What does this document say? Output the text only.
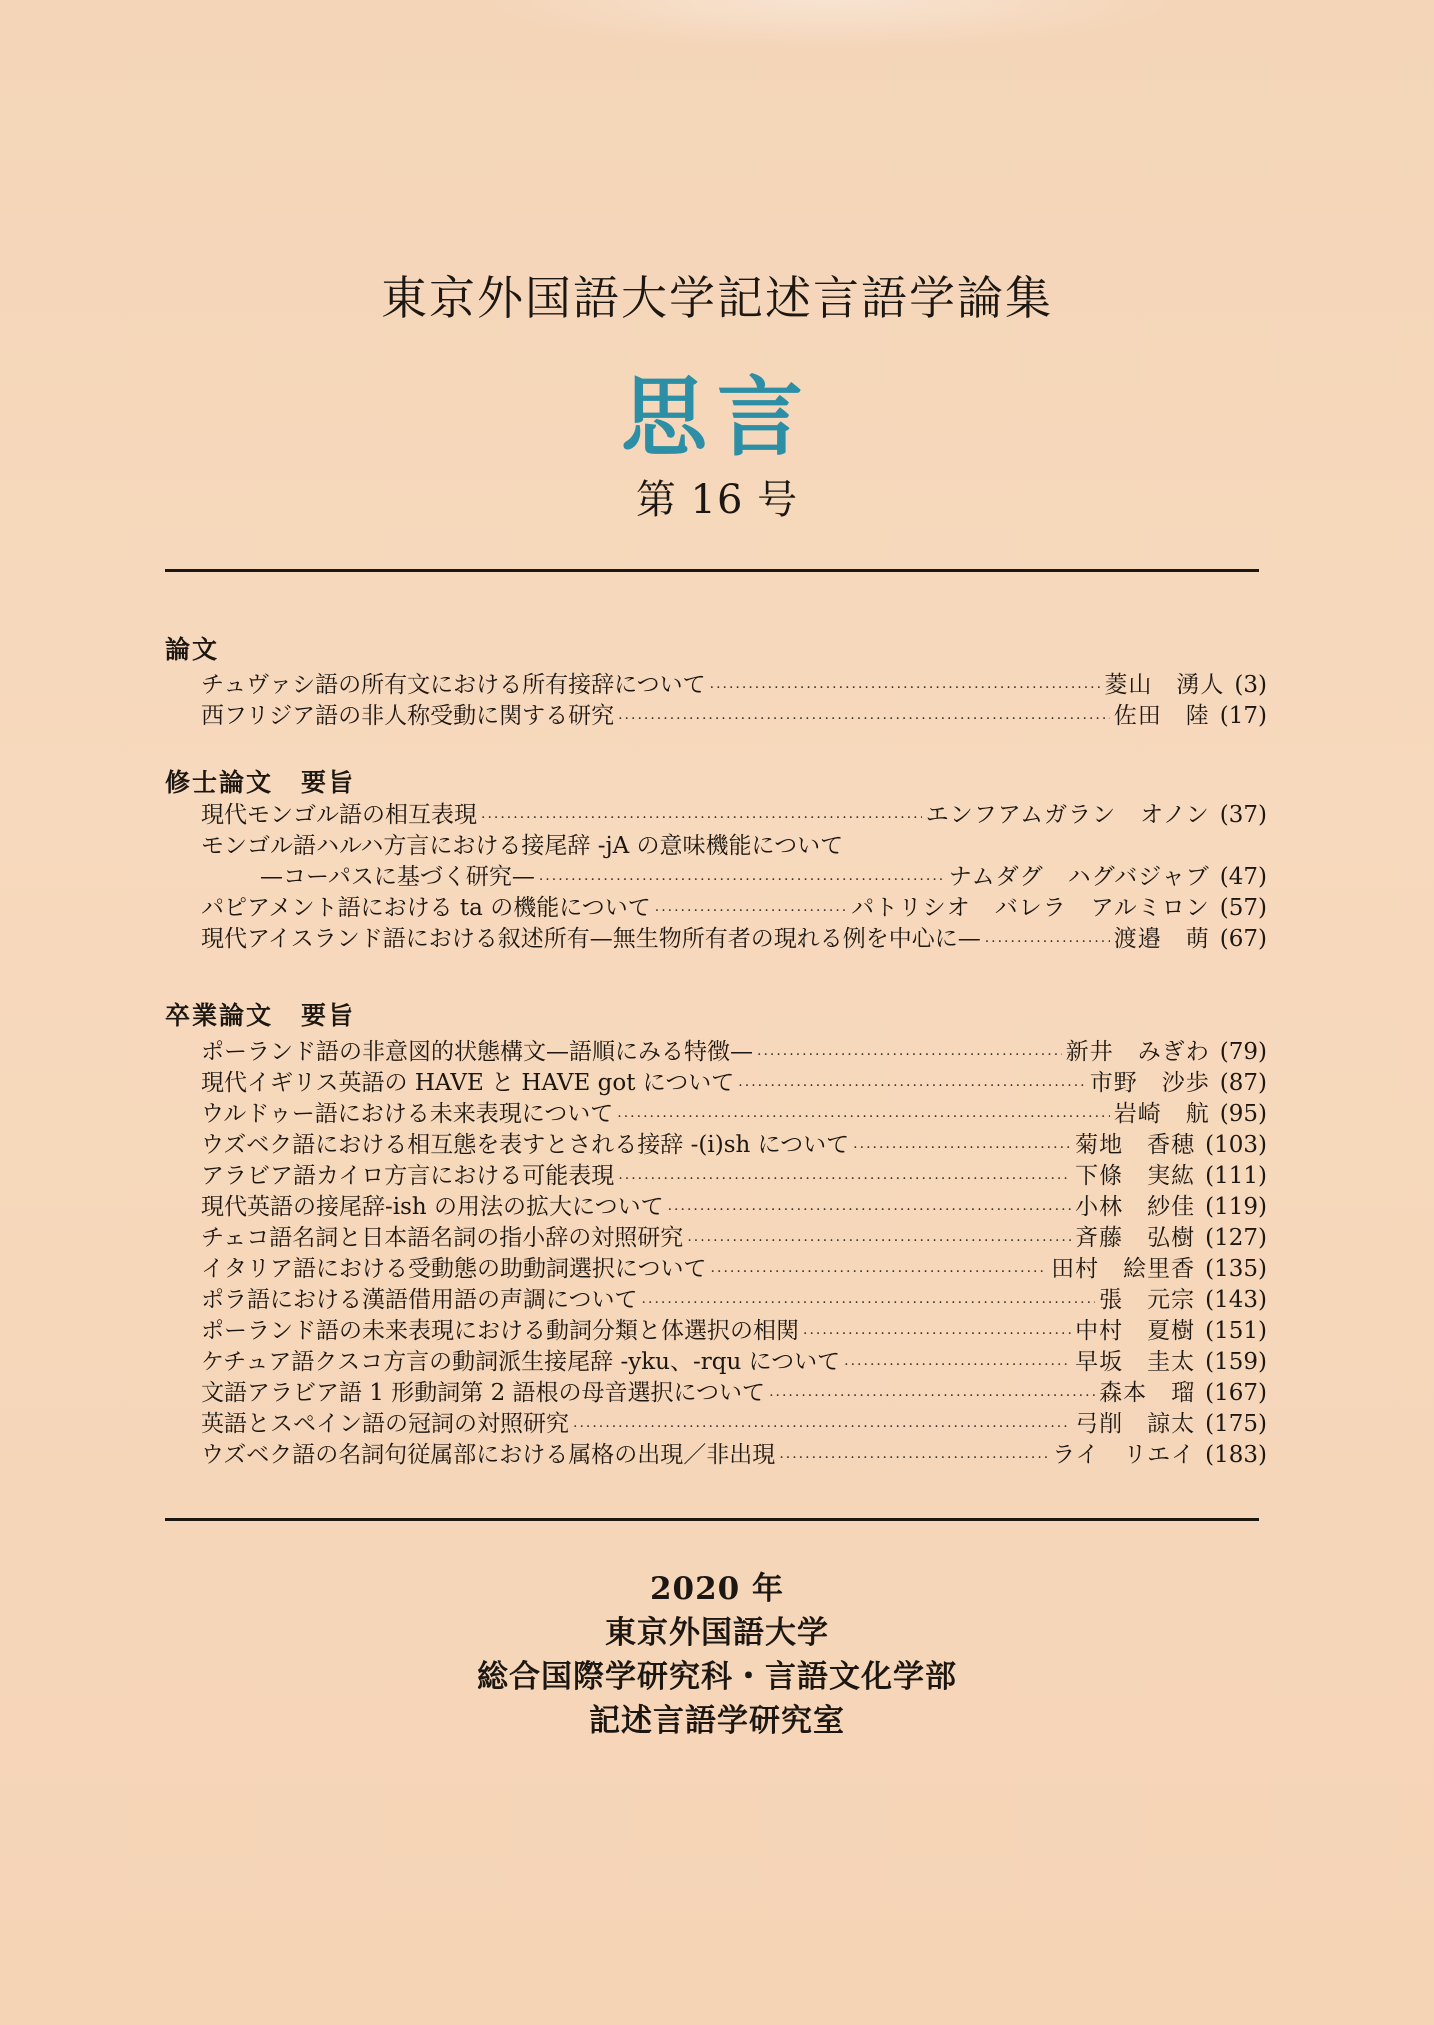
東京外国語大学記述言語学論集
思言
第 16 号
論文
チュヴァシ語の所有文における所有接辞について ·····	菱山　湧人 (3)
西フリジア語の非人称受動に関する研究 ·····	佐田　陸 (17)
修士論文 要旨
現代モンゴル語の相互表現 ·····	エンフアムガラン　オノン (37)
モンゴル語ハルハ方言における接尾辞 -jA の意味機能について
—コーパスに基づく研究— ·····	ナムダグ　ハグバジャブ (47)
パピアメント語における ta の機能について ·····	パトリシオ　バレラ　アルミロン (57)
現代アイスランド語における叙述所有—無生物所有者の現れる例を中心に— ·····	渡邉　萌 (67)
卒業論文 要旨
ポーランド語の非意図的状態構文—語順にみる特徴— ·····	新井　みぎわ (79)
現代イギリス英語の HAVE と HAVE got について ·····	市野　沙歩 (87)
ウルドゥー語における未来表現について ·····	岩崎　航 (95)
ウズベク語における相互態を表すとされる接辞 -(i)sh について ·····	菊地　香穂 (103)
アラビア語カイロ方言における可能表現 ·····	下條　実紘 (111)
現代英語の接尾辞-ish の用法の拡大について ·····	小林　紗佳 (119)
チェコ語名詞と日本語名詞の指小辞の対照研究 ·····	斉藤　弘樹 (127)
イタリア語における受動態の助動詞選択について ·····	田村　絵里香 (135)
ポラ語における漢語借用語の声調について ·····	張　元宗 (143)
ポーランド語の未来表現における動詞分類と体選択の相関 ·····	中村　夏樹 (151)
ケチュア語クスコ方言の動詞派生接尾辞 -yku、-rqu について ·····	早坂　圭太 (159)
文語アラビア語 1 形動詞第 2 語根の母音選択について ·····	森本　瑠 (167)
英語とスペイン語の冠詞の対照研究 ·····	弓削　諒太 (175)
ウズベク語の名詞句従属部における属格の出現／非出現 ·····	ライ　リエイ (183)
2020 年
東京外国語大学
総合国際学研究科・言語文化学部
記述言語学研究室
